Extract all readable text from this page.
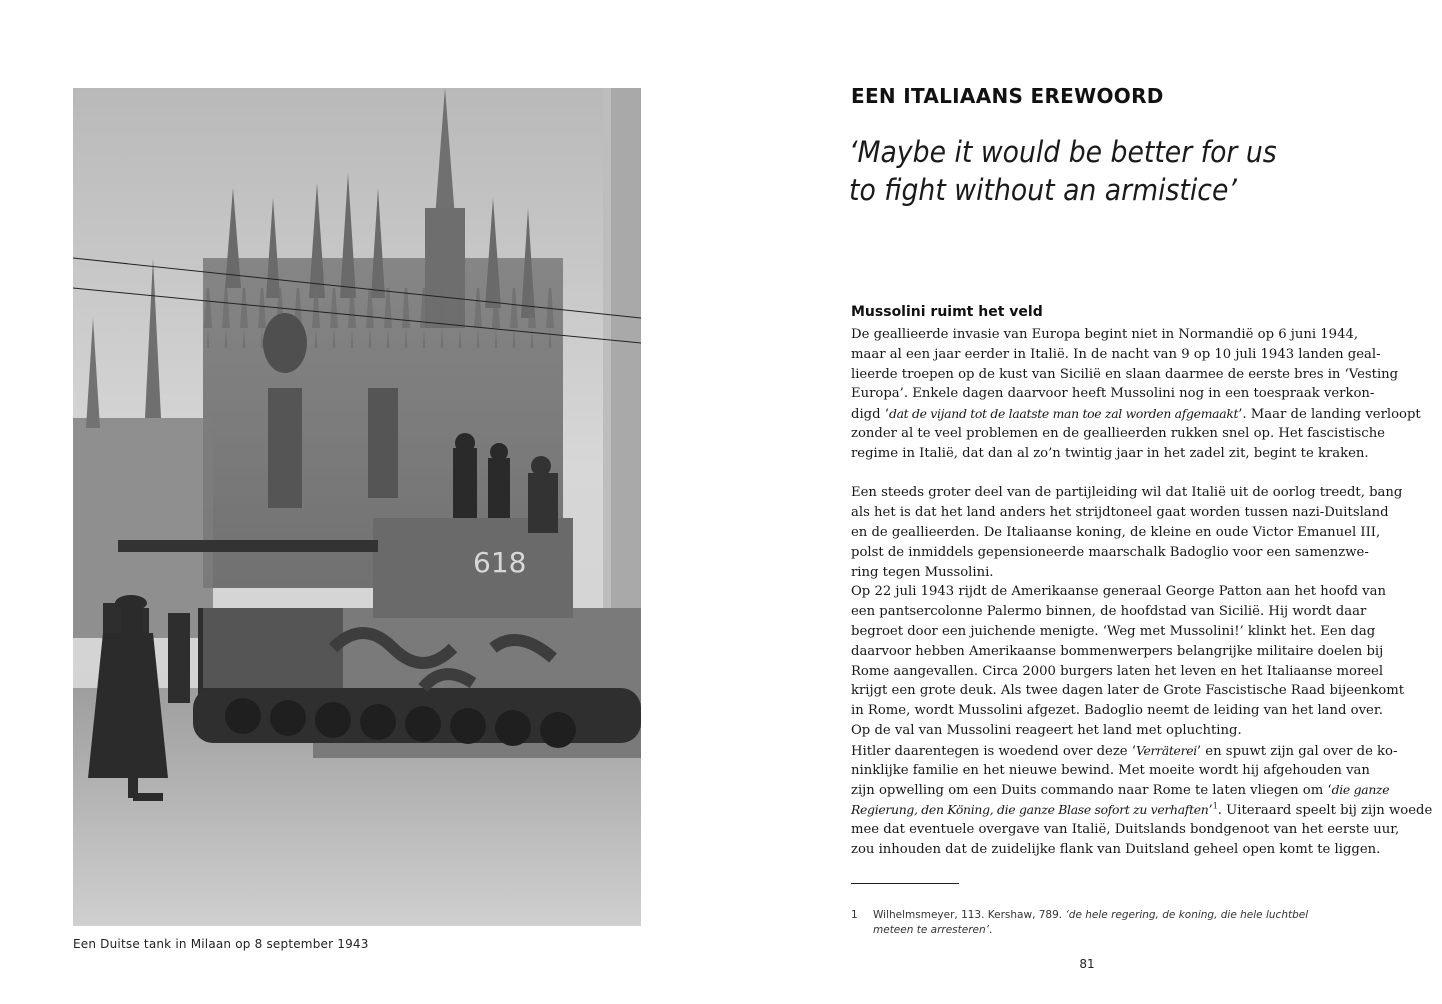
618
Een Duitse tank in Milaan op 8 september 1943
EEN ITALIAANS EREWOORD
‘Maybe it would be better for us
to fight without an armistice’
Mussolini ruimt het veld
De geallieerde invasie van Europa begint niet in Normandië op 6 juni 1944,
maar al een jaar eerder in Italië. In de nacht van 9 op 10 juli 1943 landen geal-
lieerde troepen op de kust van Sicilië en slaan daarmee de eerste bres in ‘Vesting
Europa’. Enkele dagen daarvoor heeft Mussolini nog in een toespraak verkon-
digd ‘dat de vijand tot de laatste man toe zal worden afgemaakt’. Maar de landing verloopt
zonder al te veel problemen en de geallieerden rukken snel op. Het fascistische
regime in Italië, dat dan al zo’n twintig jaar in het zadel zit, begint te kraken.
Een steeds groter deel van de partijleiding wil dat Italië uit de oorlog treedt, bang
als het is dat het land anders het strijdtoneel gaat worden tussen nazi-Duitsland
en de geallieerden. De Italiaanse koning, de kleine en oude Victor Emanuel III,
polst de inmiddels gepensioneerde maarschalk Badoglio voor een samenzwe-
ring tegen Mussolini.
Op 22 juli 1943 rijdt de Amerikaanse generaal George Patton aan het hoofd van
een pantsercolonne Palermo binnen, de hoofdstad van Sicilië. Hij wordt daar
begroet door een juichende menigte. ‘Weg met Mussolini!’ klinkt het. Een dag
daarvoor hebben Amerikaanse bommenwerpers belangrijke militaire doelen bij
Rome aangevallen. Circa 2000 burgers laten het leven en het Italiaanse moreel
krijgt een grote deuk. Als twee dagen later de Grote Fascistische Raad bijeenkomt
in Rome, wordt Mussolini afgezet. Badoglio neemt de leiding van het land over.
Op de val van Mussolini reageert het land met opluchting.
Hitler daarentegen is woedend over deze ‘Verräterei’ en spuwt zijn gal over de ko-
ninklijke familie en het nieuwe bewind. Met moeite wordt hij afgehouden van
zijn opwelling om een Duits commando naar Rome te laten vliegen om ‘die ganze
Regierung, den Köning, die ganze Blase sofort zu verhaften’$^1$. Uiteraard speelt bij zijn woede
mee dat eventuele overgave van Italië, Duitslands bondgenoot van het eerste uur,
zou inhouden dat de zuidelijke flank van Duitsland geheel open komt te liggen.
1 Wilhelmsmeyer, 113. Kershaw, 789. ‘de hele regering, de koning, die hele luchtbel meteen te arresteren’.
81
